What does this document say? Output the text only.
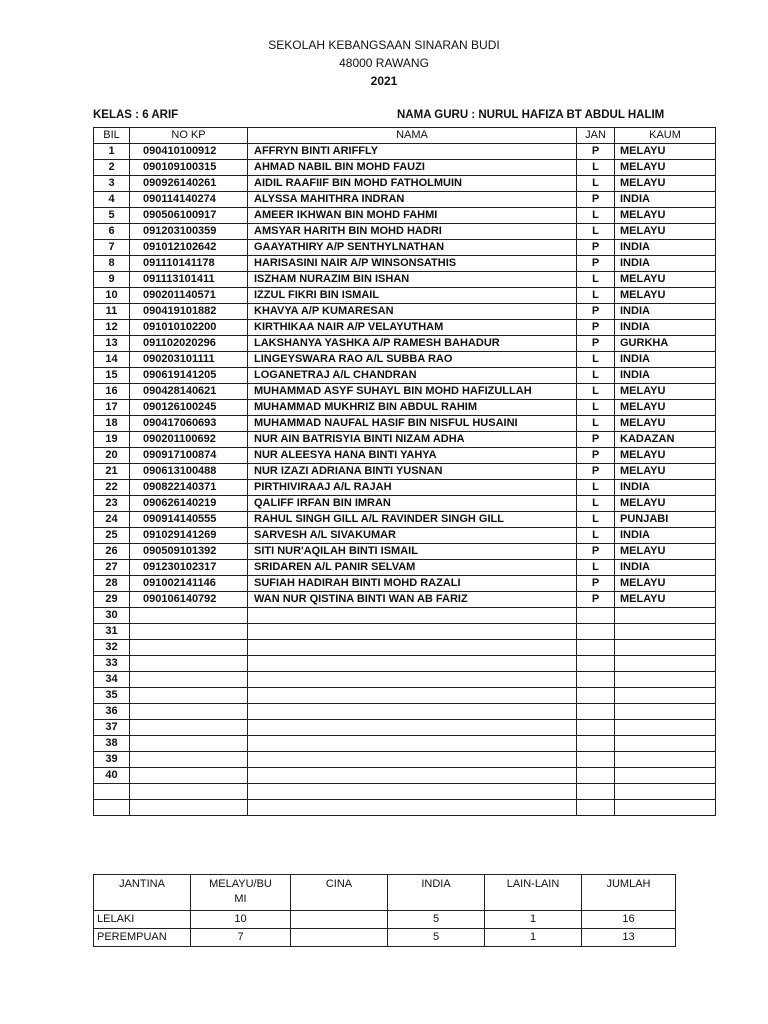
SEKOLAH KEBANGSAAN SINARAN BUDI
48000 RAWANG
2021
KELAS : 6 ARIF	NAMA GURU : NURUL HAFIZA BT ABDUL HALIM
BIL	NO KP	NAMA	JAN	KAUM
1	090410100912	AFFRYN BINTI ARIFFLY	P	MELAYU
2	090109100315	AHMAD NABIL BIN MOHD FAUZI	L	MELAYU
3	090926140261	AIDIL RAAFIIF BIN MOHD FATHOLMUIN	L	MELAYU
4	090114140274	ALYSSA MAHITHRA INDRAN	P	INDIA
5	090506100917	AMEER IKHWAN BIN MOHD FAHMI	L	MELAYU
6	091203100359	AMSYAR HARITH BIN MOHD HADRI	L	MELAYU
7	091012102642	GAAYATHIRY A/P SENTHYLNATHAN	P	INDIA
8	091110141178	HARISASINI NAIR A/P WINSONSATHIS	P	INDIA
9	091113101411	ISZHAM NURAZIM BIN ISHAN	L	MELAYU
10	090201140571	IZZUL FIKRI BIN ISMAIL	L	MELAYU
11	090419101882	KHAVYA A/P KUMARESAN	P	INDIA
12	091010102200	KIRTHIKAA NAIR A/P VELAYUTHAM	P	INDIA
13	091102020296	LAKSHANYA YASHKA A/P RAMESH BAHADUR	P	GURKHA
14	090203101111	LINGEYSWARA RAO A/L SUBBA RAO	L	INDIA
15	090619141205	LOGANETRAJ A/L CHANDRAN	L	INDIA
16	090428140621	MUHAMMAD ASYF SUHAYL BIN MOHD HAFIZULLAH	L	MELAYU
17	090126100245	MUHAMMAD MUKHRIZ BIN ABDUL RAHIM	L	MELAYU
18	090417060693	MUHAMMAD NAUFAL HASIF BIN NISFUL HUSAINI	L	MELAYU
19	090201100692	NUR AIN BATRISYIA BINTI NIZAM ADHA	P	KADAZAN
20	090917100874	NUR ALEESYA HANA BINTI YAHYA	P	MELAYU
21	090613100488	NUR IZAZI ADRIANA BINTI YUSNAN	P	MELAYU
22	090822140371	PIRTHIVIRAAJ A/L RAJAH	L	INDIA
23	090626140219	QALIFF IRFAN BIN IMRAN	L	MELAYU
24	090914140555	RAHUL SINGH GILL A/L RAVINDER SINGH GILL	L	PUNJABI
25	091029141269	SARVESH A/L SIVAKUMAR	L	INDIA
26	090509101392	SITI NUR'AQILAH BINTI ISMAIL	P	MELAYU
27	091230102317	SRIDAREN A/L PANIR SELVAM	L	INDIA
28	091002141146	SUFIAH HADIRAH BINTI MOHD RAZALI	P	MELAYU
29	090106140792	WAN NUR QISTINA BINTI WAN AB FARIZ	P	MELAYU
30				
31				
32				
33				
34				
35				
36				
37				
38				
39				
40				

JANTINA	MELAYU/BUMI	CINA	INDIA	LAIN-LAIN	JUMLAH
LELAKI	10		5	1	16
PEREMPUAN	7		5	1	13
